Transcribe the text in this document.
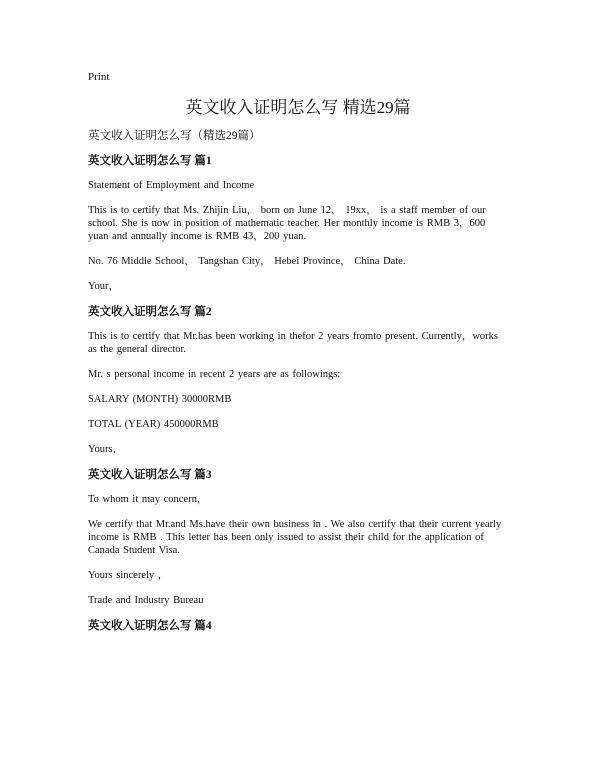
Print
英文收入证明怎么写 精选29篇
英文收入证明怎么写（精选29篇）
英文收入证明怎么写 篇1

Statement of Employment and Income

This is to certify that Ms. Zhijin Liu， born on June 12， 19xx， is a staff member of our school. She is now in position of mathematic teacher. Her monthly income is RMB 3，600 yuan and annually income is RMB 43，200 yuan.

No. 76 Middle School， Tangshan City， Hebei Province， China Date.

Your，

英文收入证明怎么写 篇2

This is to certify that Mr.has been working in thefor 2 years fromto present. Currently，works as the general director.

Mr. s personal income in recent 2 years are as followings:

SALARY (MONTH) 30000RMB

TOTAL (YEAR) 450000RMB

Yours，

英文收入证明怎么写 篇3

To whom it may concern，

We certify that Mr.and Ms.have their own business in . We also certify that their current yearly income is RMB . This letter has been only issued to assist their child for the application of Canada Student Visa.

Yours sincerely ，

Trade and Industry Bureau

英文收入证明怎么写 篇4
